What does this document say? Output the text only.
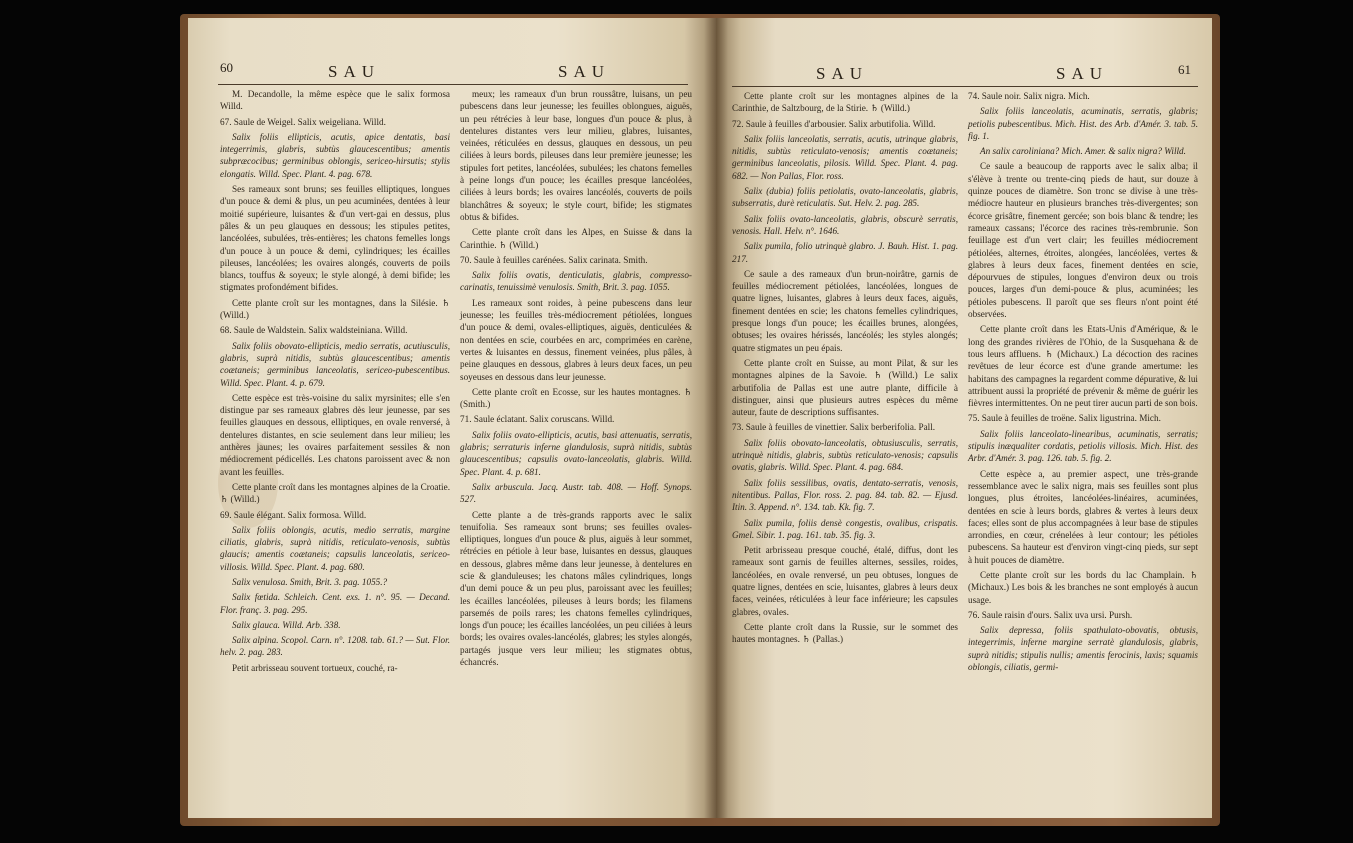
60	SAU	SAU

M. Decandolle, la même espèce que le salix formosa Willd.

67. Saule de Weigel. Salix weigeliana. Willd.

Salix foliis ellipticis, acutis, apice dentatis, basi integerrimis, glabris, subtùs glaucescentibus; amentis subpræcocibus; germinibus oblongis, sericeo-hirsutis; stylis elongatis. Willd. Spec. Plant. 4. pag. 678.

Ses rameaux sont bruns; ses feuilles elliptiques, longues d'un pouce & demi & plus, un peu acuminées, dentées à leur moitié supérieure, luisantes & d'un vert-gai en dessus, plus pâles & un peu glauques en dessous; les stipules petites, lancéolées, subulées, très-entières; les chatons femelles longs d'un pouce à un pouce & demi, cylindriques; les écailles pileuses, lancéolées; les ovaires alongés, couverts de poils blancs, touffus & soyeux; le style alongé, à demi bifide; les stigmates profondément bifides.

Cette plante croît sur les montagnes, dans la Silésie. ♄ (Willd.)

68. Saule de Waldstein. Salix waldsteiniana. Willd.

Salix foliis obovato-ellipticis, medio serratis, acutiusculis, glabris, suprà nitidis, subtùs glaucescentibus; amentis coætaneis; germinibus lanceolatis, sericeo-pubescentibus. Willd. Spec. Plant. 4. p. 679.

Cette espèce est très-voisine du salix myrsinites; elle s'en distingue par ses rameaux glabres dès leur jeunesse, par ses feuilles glauques en dessous, elliptiques, en ovale renversé, à dentelures distantes, en scie seulement dans leur milieu; les anthères jaunes; les ovaires parfaitement sessiles & non médiocrement pédicellés. Les chatons paroissent avec & non avant les feuilles.

Cette plante croît dans les montagnes alpines de la Croatie. ♄ (Willd.)

69. Saule élégant. Salix formosa. Willd.

Salix foliis oblongis, acutis, medio serratis, margine ciliatis, glabris, suprà nitidis, reticulato-venosis, subtùs glaucis; amentis coætaneis; capsulis lanceolatis, sericeo-villosis. Willd. Spec. Plant. 4. pag. 680.

Salix venulosa. Smith, Brit. 3. pag. 1055.?

Salix fœtida. Schleich. Cent. exs. 1. n°. 95. — Decand. Flor. franç. 3. pag. 295.

Salix glauca. Willd. Arb. 338.

Salix alpina. Scopol. Carn. n°. 1208. tab. 61.? — Sut. Flor. helv. 2. pag. 283.

Petit arbrisseau souvent tortueux, couché, ra-

meux; les rameaux d'un brun roussâtre, luisans, un peu pubescens dans leur jeunesse; les feuilles oblongues, aiguës, un peu rétrécies à leur base, longues d'un pouce & plus, à dentelures distantes vers leur milieu, glabres, luisantes, veinées, réticulées en dessus, glauques en dessous, un peu ciliées à leurs bords, pileuses dans leur première jeunesse; les stipules fort petites, lancéolées, subulées; les chatons femelles à peine longs d'un pouce; les écailles presque lancéolées, ciliées à leurs bords; les ovaires lancéolés, couverts de poils blanchâtres & soyeux; le style court, bifide; les stigmates obtus & bifides.

Cette plante croît dans les Alpes, en Suisse & dans la Carinthie. ♄ (Willd.)

70. Saule à feuilles carénées. Salix carinata. Smith.

Salix foliis ovatis, denticulatis, glabris, compresso-carinatis, tenuissimè venulosis. Smith, Brit. 3. pag. 1055.

Les rameaux sont roides, à peine pubescens dans leur jeunesse; les feuilles très-médiocrement pétiolées, longues d'un pouce & demi, ovales-elliptiques, aiguës, denticulées & non dentées en scie, courbées en arc, comprimées en carène, vertes & luisantes en dessus, finement veinées, plus pâles, à peine glauques en dessous, glabres à leurs deux faces, un peu soyeuses en dessous dans leur jeunesse.

Cette plante croît en Ecosse, sur les hautes montagnes. ♄ (Smith.)

71. Saule éclatant. Salix coruscans. Willd.

Salix foliis ovato-ellipticis, acutis, basi attenuatis, serratis, glabris; serraturis inferne glandulosis, suprà nitidis, subtùs glaucescentibus; capsulis ovato-lanceolatis, glabris. Willd. Spec. Plant. 4. p. 681.

Salix arbuscula. Jacq. Austr. tab. 408. — Hoff. Synops. 527.

Cette plante a de très-grands rapports avec le salix tenuifolia. Ses rameaux sont bruns; ses feuilles ovales-elliptiques, longues d'un pouce & plus, aiguës à leur sommet, rétrécies en pétiole à leur base, luisantes en dessus, glauques en dessous, glabres même dans leur jeunesse, à dentelures en scie & glanduleuses; les chatons mâles cylindriques, longs d'un demi pouce & un peu plus, paroissant avec les feuilles; les écailles lancéolées, pileuses à leurs bords; les filamens parsemés de poils rares; les chatons femelles cylindriques, longs d'un pouce; les écailles lancéolées, un peu ciliées à leurs bords; les ovaires ovales-lancéolés, glabres; les styles alongés, partagés jusque vers leur milieu; les stigmates obtus, échancrés.

SAU	SAU	61

Cette plante croît sur les montagnes alpines de la Carinthie, de Saltzbourg, de la Stirie. ♄ (Willd.)

72. Saule à feuilles d'arbousier. Salix arbutifolia. Willd.

Salix foliis lanceolatis, serratis, acutis, utrinque glabris, nitidis, subtùs reticulato-venosis; amentis coætaneis; germinibus lanceolatis, pilosis. Willd. Spec. Plant. 4. pag. 682. — Non Pallas, Flor. ross.

Salix (dubia) foliis petiolatis, ovato-lanceolatis, glabris, subserratis, durè reticulatis. Sut. Helv. 2. pag. 285.

Salix foliis ovato-lanceolatis, glabris, obscurè serratis, venosis. Hall. Helv. n°. 1646.

Salix pumila, folio utrinquè glabro. J. Bauh. Hist. 1. pag. 217.

Ce saule a des rameaux d'un brun-noirâtre, garnis de feuilles médiocrement pétiolées, lancéolées, longues de quatre lignes, luisantes, glabres à leurs deux faces, aiguës, finement dentées en scie; les chatons femelles cylindriques, presque longs d'un pouce; les écailles brunes, alongées, obtuses; les ovaires hérissés, lancéolés; les styles alongés; quatre stigmates un peu épais.

Cette plante croît en Suisse, au mont Pilat, & sur les montagnes alpines de la Savoie. ♄ (Willd.) Le salix arbutifolia de Pallas est une autre plante, difficile à distinguer, ainsi que plusieurs autres espèces du même auteur, faute de descriptions suffisantes.

73. Saule à feuilles de vinettier. Salix berberifolia. Pall.

Salix foliis obovato-lanceolatis, obtusiusculis, serratis, utrinquè nitidis, glabris, subtùs reticulato-venosis; capsulis ovatis, glabris. Willd. Spec. Plant. 4. pag. 684.

Salix foliis sessilibus, ovatis, dentato-serratis, venosis, nitentibus. Pallas, Flor. ross. 2. pag. 84. tab. 82. — Ejusd. Itin. 3. Append. n°. 134. tab. Kk. fig. 7.

Salix pumila, foliis densè congestis, ovalibus, crispatis. Gmel. Sibir. 1. pag. 161. tab. 35. fig. 3.

Petit arbrisseau presque couché, étalé, diffus, dont les rameaux sont garnis de feuilles alternes, sessiles, roides, lancéolées, en ovale renversé, un peu obtuses, longues de quatre lignes, dentées en scie, luisantes, glabres à leurs deux faces, veinées, réticulées à leur face inférieure; les capsules glabres, ovales.

Cette plante croît dans la Russie, sur le sommet des hautes montagnes. ♄ (Pallas.)

74. Saule noir. Salix nigra. Mich.

Salix foliis lanceolatis, acuminatis, serratis, glabris; petiolis pubescentibus. Mich. Hist. des Arb. d'Amér. 3. tab. 5. fig. 1.

An salix caroliniana? Mich. Amer. & salix nigra? Willd.

Ce saule a beaucoup de rapports avec le salix alba; il s'élève à trente ou trente-cinq pieds de haut, sur douze à quinze pouces de diamètre. Son tronc se divise à une très-médiocre hauteur en plusieurs branches très-divergentes; son écorce grisâtre, finement gercée; son bois blanc & tendre; les rameaux cassans; l'écorce des racines très-rembrunie. Son feuillage est d'un vert clair; les feuilles médiocrement pétiolées, alternes, étroites, alongées, lancéolées, vertes & glabres à leurs deux faces, finement dentées en scie, dépourvues de stipules, longues d'environ deux ou trois pouces, larges d'un demi-pouce & plus, acuminées; les pétioles pubescens. Il paroît que ses fleurs n'ont point été observées.

Cette plante croît dans les Etats-Unis d'Amérique, & le long des grandes rivières de l'Ohio, de la Susquehana & de tous leurs affluens. ♄ (Michaux.) La décoction des racines revêtues de leur écorce est d'une grande amertume: les habitans des campagnes la regardent comme dépurative, & lui attribuent aussi la propriété de prévenir & même de guérir les fièvres intermittentes. On ne peut tirer aucun parti de son bois.

75. Saule à feuilles de troëne. Salix ligustrina. Mich.

Salix foliis lanceolato-linearibus, acuminatis, serratis; stipulis inæqualiter cordatis, petiolis villosis. Mich. Hist. des Arbr. d'Amér. 3. pag. 126. tab. 5. fig. 2.

Cette espèce a, au premier aspect, une très-grande ressemblance avec le salix nigra, mais ses feuilles sont plus longues, plus étroites, lancéolées-linéaires, acuminées, dentées en scie à leurs bords, glabres & vertes à leurs deux faces; elles sont de plus accompagnées à leur base de stipules arrondies, en cœur, crénelées à leur contour; les pétioles pubescens. Sa hauteur est d'environ vingt-cinq pieds, sur sept à huit pouces de diamètre.

Cette plante croît sur les bords du lac Champlain. ♄ (Michaux.) Les bois & les branches ne sont employés à aucun usage.

76. Saule raisin d'ours. Salix uva ursi. Pursh.

Salix depressa, foliis spathulato-obovatis, obtusis, integerrimis, inferne margine serratè glandulosis, glabris, suprà nitidis; stipulis nullis; amentis ferocinis, laxis; squamis oblongis, ciliatis, germi-
